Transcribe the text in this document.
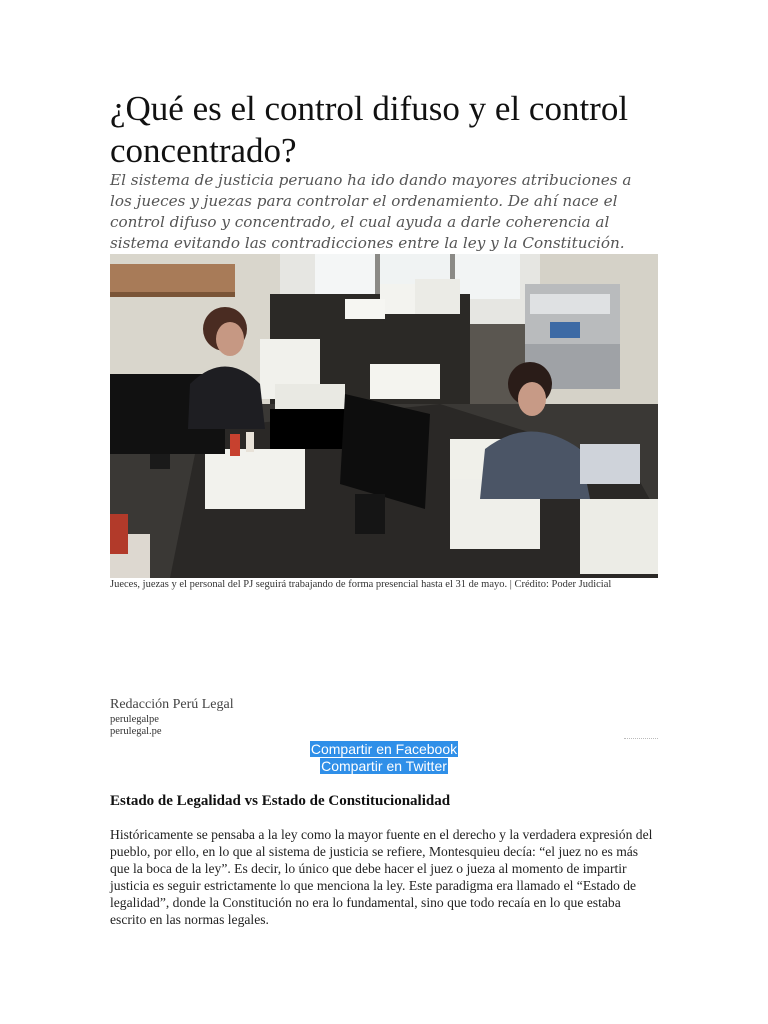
¿Qué es el control difuso y el control concentrado?

El sistema de justicia peruano ha ido dando mayores atribuciones a los jueces y juezas para controlar el ordenamiento. De ahí nace el control difuso y concentrado, el cual ayuda a darle coherencia al sistema evitando las contradicciones entre la ley y la Constitución.

Jueces, juezas y el personal del PJ seguirá trabajando de forma presencial hasta el 31 de mayo. | Crédito: Poder Judicial

Redacción Perú Legal
perulegalpe
perulegal.pe
Compartir en Facebook
Compartir en Twitter
Estado de Legalidad vs Estado de Constitucionalidad

Históricamente se pensaba a la ley como la mayor fuente en el derecho y la verdadera expresión del pueblo, por ello, en lo que al sistema de justicia se refiere, Montesquieu decía: “el juez no es más que la boca de la ley”. Es decir, lo único que debe hacer el juez o jueza al momento de impartir justicia es seguir estrictamente lo que menciona la ley. Este paradigma era llamado el “Estado de legalidad”, donde la Constitución no era lo fundamental, sino que todo recaía en lo que estaba escrito en las normas legales.
